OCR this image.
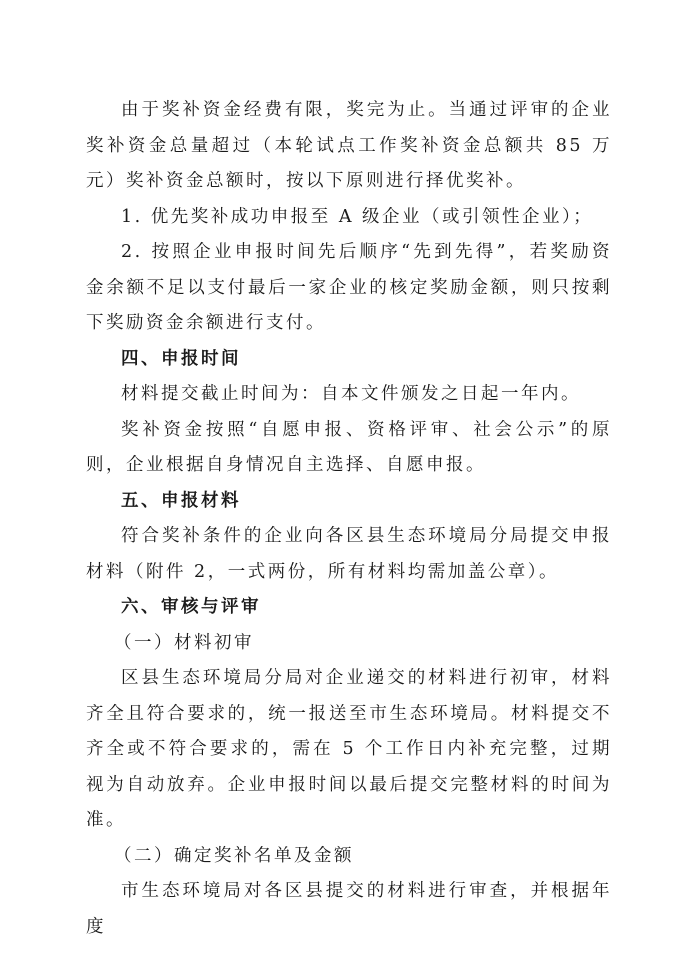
由于奖补资金经费有限，奖完为止。当通过评审的企业奖补资金总量超过（本轮试点工作奖补资金总额共 85 万元）奖补资金总额时，按以下原则进行择优奖补。

1. 优先奖补成功申报至 A 级企业（或引领性企业）；

2. 按照企业申报时间先后顺序“先到先得”，若奖励资金余额不足以支付最后一家企业的核定奖励金额，则只按剩下奖励资金余额进行支付。

四、申报时间

材料提交截止时间为：自本文件颁发之日起一年内。

奖补资金按照“自愿申报、资格评审、社会公示”的原则，企业根据自身情况自主选择、自愿申报。

五、申报材料

符合奖补条件的企业向各区县生态环境局分局提交申报材料（附件 2，一式两份，所有材料均需加盖公章）。

六、审核与评审

（一）材料初审

区县生态环境局分局对企业递交的材料进行初审，材料齐全且符合要求的，统一报送至市生态环境局。材料提交不齐全或不符合要求的，需在 5 个工作日内补充完整，过期视为自动放弃。企业申报时间以最后提交完整材料的时间为准。

（二）确定奖补名单及金额

市生态环境局对各区县提交的材料进行审查，并根据年度
